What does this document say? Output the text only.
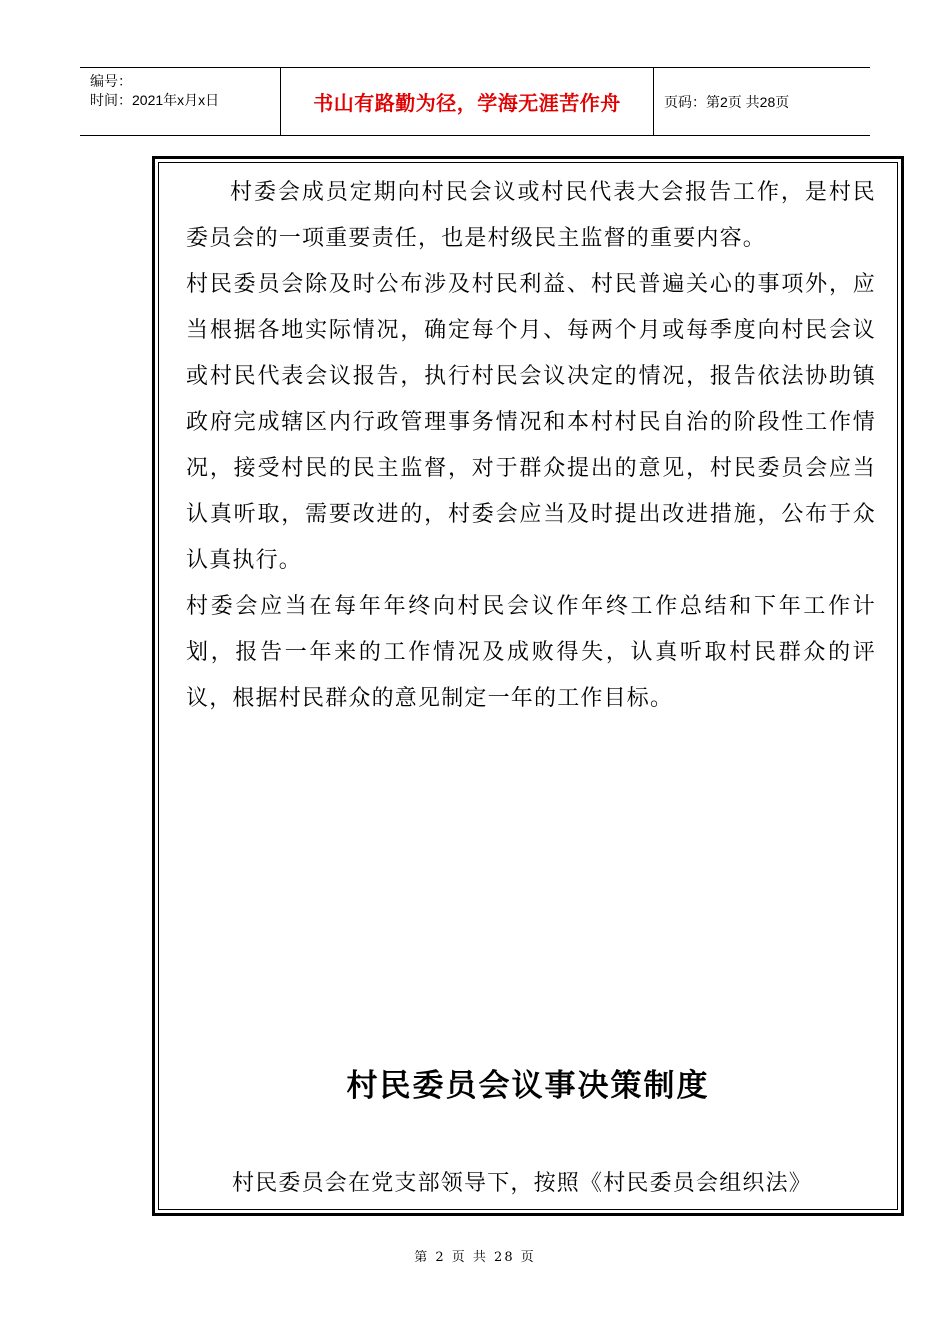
编号：
时间：2021年x月x日	书山有路勤为径，学海无涯苦作舟	页码：第2页 共28页

村委会成员定期向村民会议或村民代表大会报告工作，是村民委员会的一项重要责任，也是村级民主监督的重要内容。

村民委员会除及时公布涉及村民利益、村民普遍关心的事项外，应当根据各地实际情况，确定每个月、每两个月或每季度向村民会议或村民代表会议报告，执行村民会议决定的情况，报告依法协助镇政府完成辖区内行政管理事务情况和本村村民自治的阶段性工作情况，接受村民的民主监督，对于群众提出的意见，村民委员会应当认真听取，需要改进的，村委会应当及时提出改进措施，公布于众认真执行。

村委会应当在每年年终向村民会议作年终工作总结和下年工作计划，报告一年来的工作情况及成败得失，认真听取村民群众的评议，根据村民群众的意见制定一年的工作目标。

村民委员会议事决策制度
村民委员会在党支部领导下，按照《村民委员会组织法》
第 2 页 共 28 页
